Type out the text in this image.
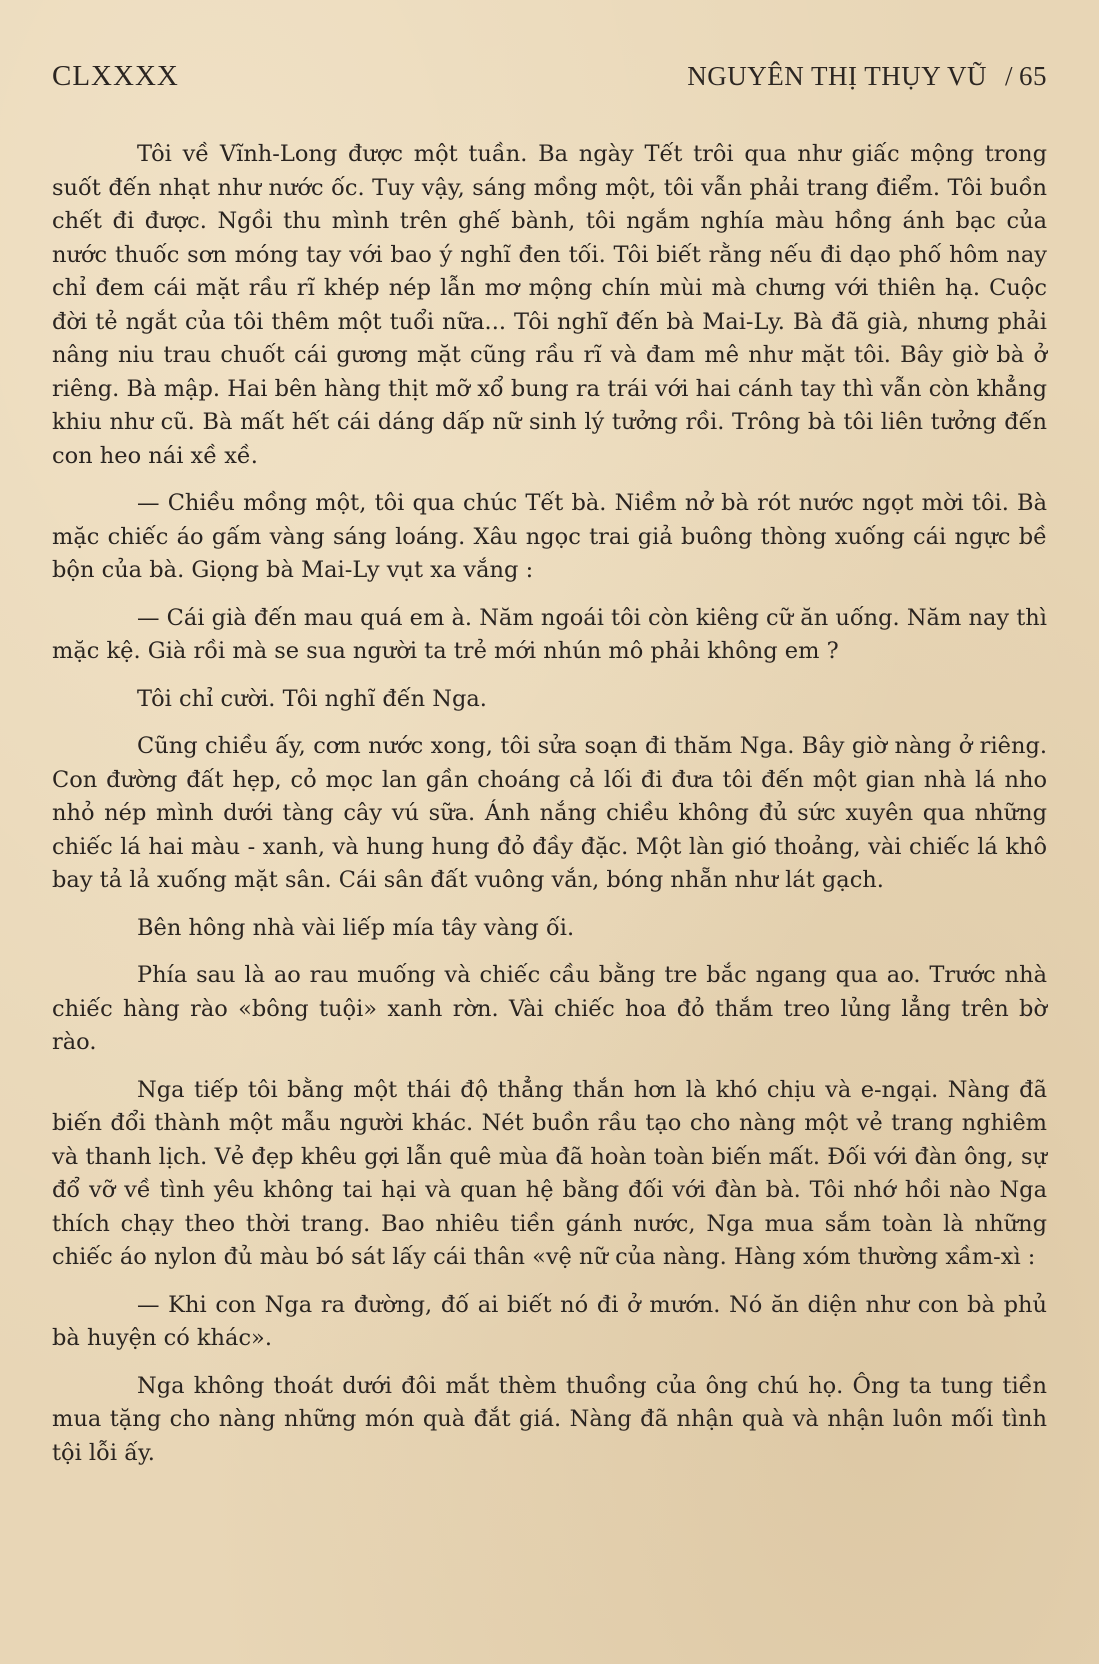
CLXXXX	NGUYÊN THỊ THỤY VŨ / 65

Tôi về Vĩnh-Long được một tuần. Ba ngày Tết trôi qua như giấc mộng trong suốt đến nhạt như nước ốc. Tuy vậy, sáng mồng một, tôi vẫn phải trang điểm. Tôi buồn chết đi được. Ngồi thu mình trên ghế bành, tôi ngắm nghía màu hồng ánh bạc của nước thuốc sơn móng tay với bao ý nghĩ đen tối. Tôi biết rằng nếu đi dạo phố hôm nay chỉ đem cái mặt rầu rĩ khép nép lẫn mơ mộng chín mùi mà chưng với thiên hạ. Cuộc đời tẻ ngắt của tôi thêm một tuổi nữa... Tôi nghĩ đến bà Mai-Ly. Bà đã già, nhưng phải nâng niu trau chuốt cái gương mặt cũng rầu rĩ và đam mê như mặt tôi. Bây giờ bà ở riêng. Bà mập. Hai bên hàng thịt mỡ xổ bung ra trái với hai cánh tay thì vẫn còn khẳng khiu như cũ. Bà mất hết cái dáng dấp nữ sinh lý tưởng rồi. Trông bà tôi liên tưởng đến con heo nái xề xề.

— Chiều mồng một, tôi qua chúc Tết bà. Niềm nở bà rót nước ngọt mời tôi. Bà mặc chiếc áo gấm vàng sáng loáng. Xâu ngọc trai giả buông thòng xuống cái ngực bề bộn của bà. Giọng bà Mai-Ly vụt xa vắng :

— Cái già đến mau quá em à. Năm ngoái tôi còn kiêng cữ ăn uống. Năm nay thì mặc kệ. Già rồi mà se sua người ta trẻ mới nhún mô phải không em ?

Tôi chỉ cười. Tôi nghĩ đến Nga.

Cũng chiều ấy, cơm nước xong, tôi sửa soạn đi thăm Nga. Bây giờ nàng ở riêng. Con đường đất hẹp, cỏ mọc lan gần choáng cả lối đi đưa tôi đến một gian nhà lá nho nhỏ nép mình dưới tàng cây vú sữa. Ánh nắng chiều không đủ sức xuyên qua những chiếc lá hai màu - xanh, và hung hung đỏ đầy đặc. Một làn gió thoảng, vài chiếc lá khô bay tả lả xuống mặt sân. Cái sân đất vuông vắn, bóng nhẵn như lát gạch.

Bên hông nhà vài liếp mía tây vàng ối.

Phía sau là ao rau muống và chiếc cầu bằng tre bắc ngang qua ao. Trước nhà chiếc hàng rào «bông tuội» xanh rờn. Vài chiếc hoa đỏ thắm treo lủng lẳng trên bờ rào.

Nga tiếp tôi bằng một thái độ thẳng thắn hơn là khó chịu và e-ngại. Nàng đã biến đổi thành một mẫu người khác. Nét buồn rầu tạo cho nàng một vẻ trang nghiêm và thanh lịch. Vẻ đẹp khêu gợi lẫn quê mùa đã hoàn toàn biến mất. Đối với đàn ông, sự đổ vỡ về tình yêu không tai hại và quan hệ bằng đối với đàn bà. Tôi nhớ hồi nào Nga thích chạy theo thời trang. Bao nhiêu tiền gánh nước, Nga mua sắm toàn là những chiếc áo nylon đủ màu bó sát lấy cái thân «vệ nữ của nàng. Hàng xóm thường xầm-xì :

— Khi con Nga ra đường, đố ai biết nó đi ở mướn. Nó ăn diện như con bà phủ bà huyện có khác».

Nga không thoát dưới đôi mắt thèm thuồng của ông chú họ. Ông ta tung tiền mua tặng cho nàng những món quà đắt giá. Nàng đã nhận quà và nhận luôn mối tình tội lỗi ấy.
